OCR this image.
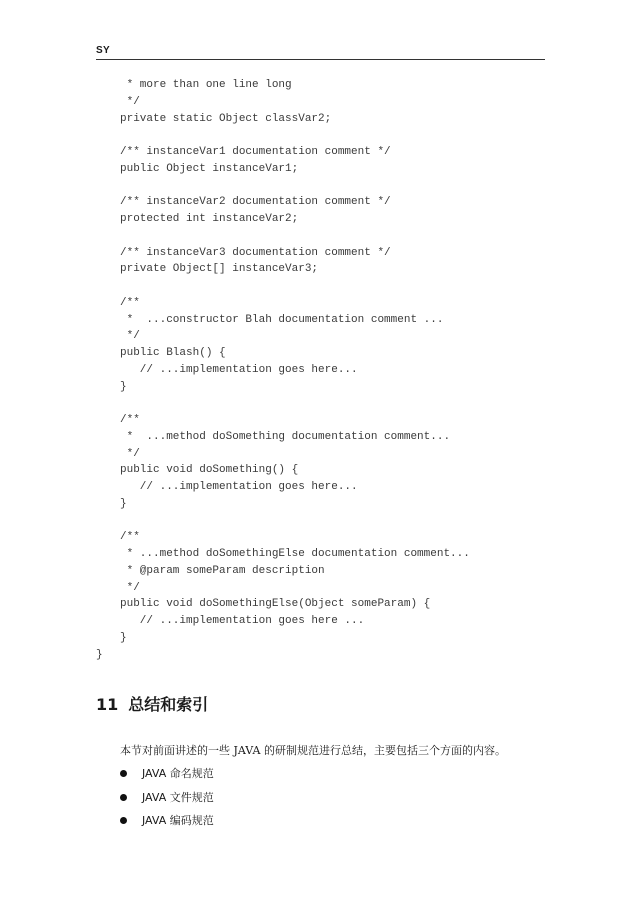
SY
* more than one line long
*/
private static Object classVar2;
/** instanceVar1 documentation comment */
public Object instanceVar1;
/** instanceVar2 documentation comment */
protected int instanceVar2;
/** instanceVar3 documentation comment */
private Object[] instanceVar3;
/**
*  ...constructor Blah documentation comment ...
*/
public Blash() {
// ...implementation goes here...
}
/**
*  ...method doSomething documentation comment...
*/
public void doSomething() {
// ...implementation goes here...
}
/**
* ...method doSomethingElse documentation comment...
* @param someParam description
*/
public void doSomethingElse(Object someParam) {
// ...implementation goes here ...
}
}
11 总结和索引
本节对前面讲述的一些 JAVA 的研制规范进行总结，主要包括三个方面的内容。
JAVA 命名规范
JAVA 文件规范
JAVA 编码规范
